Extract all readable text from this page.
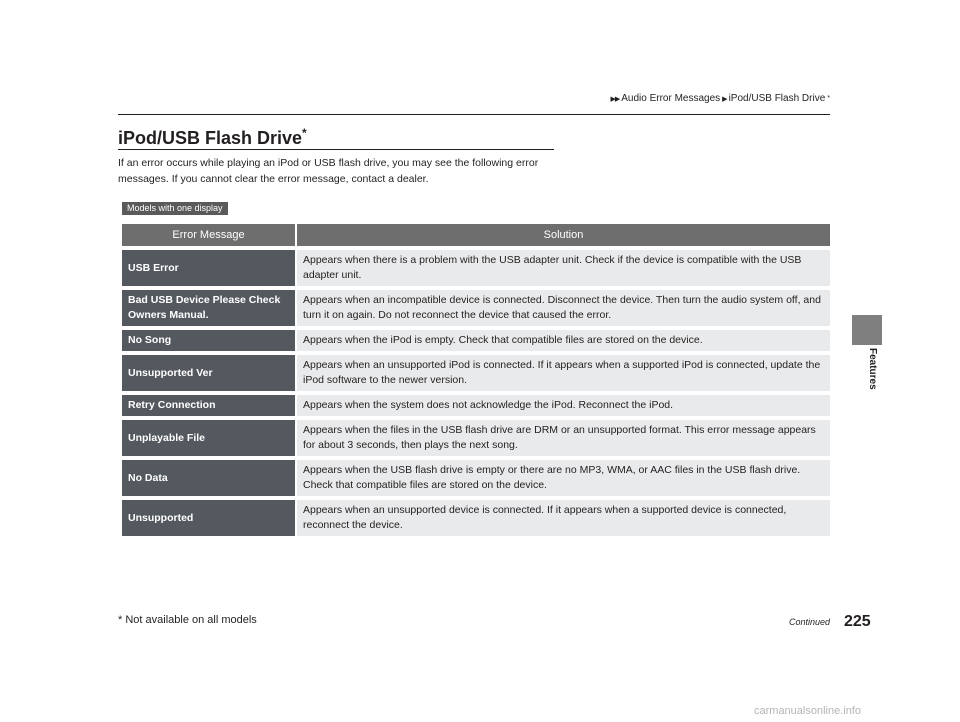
▶▶ Audio Error Messages ▶ iPod/USB Flash Drive *
Features
iPod/USB Flash Drive*

If an error occurs while playing an iPod or USB flash drive, you may see the following error messages. If you cannot clear the error message, contact a dealer.

Models with one display
Error Message	Solution
USB Error	Appears when there is a problem with the USB adapter unit. Check if the device is compatible with the USB adapter unit.
Bad USB Device Please Check Owners Manual.	Appears when an incompatible device is connected. Disconnect the device. Then turn the audio system off, and turn it on again. Do not reconnect the device that caused the error.
No Song	Appears when the iPod is empty. Check that compatible files are stored on the device.
Unsupported Ver	Appears when an unsupported iPod is connected. If it appears when a supported iPod is connected, update the iPod software to the newer version.
Retry Connection	Appears when the system does not acknowledge the iPod. Reconnect the iPod.
Unplayable File	Appears when the files in the USB flash drive are DRM or an unsupported format. This error message appears for about 3 seconds, then plays the next song.
No Data	Appears when the USB flash drive is empty or there are no MP3, WMA, or AAC files in the USB flash drive. Check that compatible files are stored on the device.
Unsupported	Appears when an unsupported device is connected. If it appears when a supported device is connected, reconnect the device.
* Not available on all models	Continued 225
carmanualsonline.info
